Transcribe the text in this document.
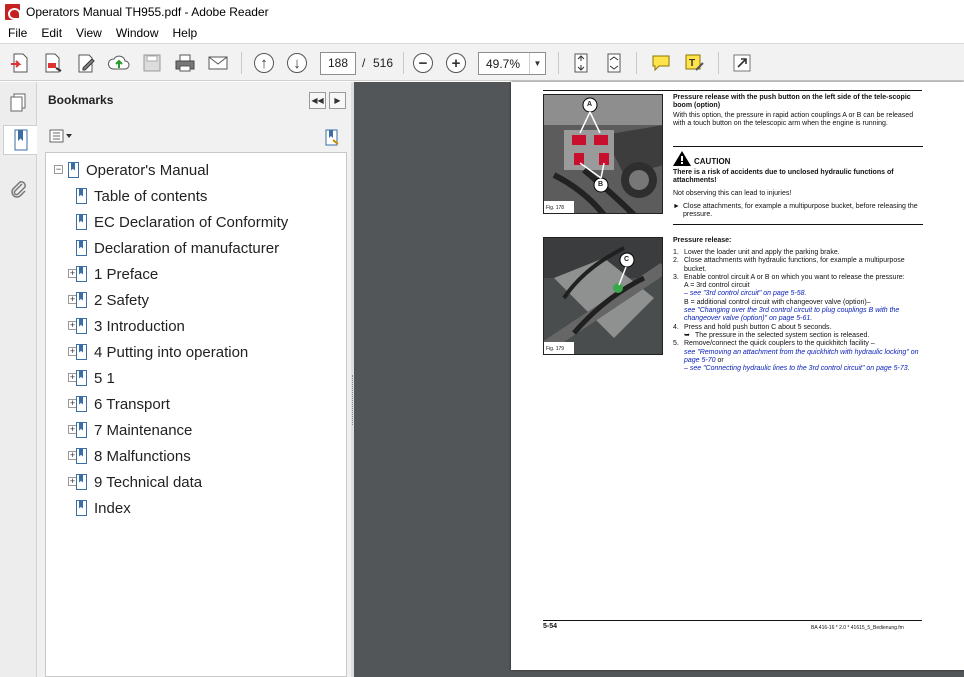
Operators Manual TH955.pdf - Adobe Reader
File Edit View Window Help
↑	↓	188	/ 516	−	+	49.7%	▼	T
Bookmarks	◀◀	▶
− Operator's Manual
Table of contents
EC Declaration of Conformity
Declaration of manufacturer
+ 1 Preface
+ 2 Safety
+ 3 Introduction
+ 4 Putting into operation
+ 5 1
+ 6 Transport
+ 7 Maintenance
+ 8 Malfunctions
+ 9 Technical data
Index
A
B
Fig. 178
Pressure release with the push button on the left side of the tele-scopic boom (option)
With this option, the pressure in rapid action couplings A or B can be released with a touch button on the telescopic arm when the engine is running.
CAUTION
There is a risk of accidents due to unclosed hydraulic functions of attachments!
Not observing this can lead to injuries!
► Close attachments, for example a multipurpose bucket, before releasing the pressure.
C
Fig. 179
Pressure release:
1. Lower the loader unit and apply the parking brake.
2. Close attachments with hydraulic functions, for example a multipurpose bucket.
3. Enable control circuit A or B on which you want to release the pressure:
A = 3rd control circuit
– see "3rd control circuit" on page 5-58.
B = additional control circuit with changeover valve (option)–
see "Changing over the 3rd control circuit to plug couplings B with the changeover valve (option)" on page 5-61.
4. Press and hold push button C about 5 seconds.
➥ The pressure in the selected system section is released.
5. Remove/connect the quick couplers to the quickhitch facility –
see "Removing an attachment from the quickhitch with hydraulic locking" on page 5-70 or
– see "Connecting hydraulic lines to the 3rd control circuit" on page 5-73.
5-54	BA 416-16 * 2.0 * 41615_5_Bedienung.fm
